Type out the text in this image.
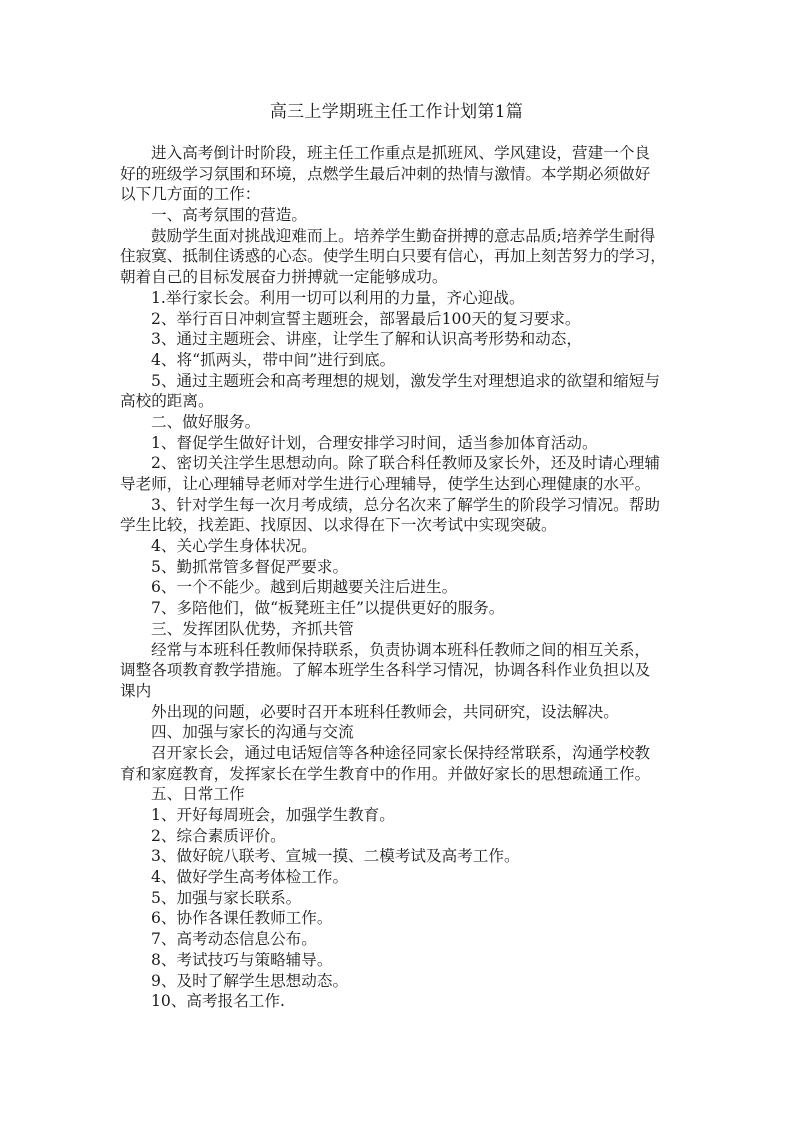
高三上学期班主任工作计划第1篇
进入高考倒计时阶段，班主任工作重点是抓班风、学风建设，营建一个良
好的班级学习氛围和环境，点燃学生最后冲刺的热情与激情。本学期必须做好
以下几方面的工作：
一、高考氛围的营造。
鼓励学生面对挑战迎难而上。培养学生勤奋拼搏的意志品质;培养学生耐得
住寂寞、抵制住诱惑的心态。使学生明白只要有信心，再加上刻苦努力的学习，
朝着自己的目标发展奋力拼搏就一定能够成功。
1.举行家长会。利用一切可以利用的力量，齐心迎战。
2、举行百日冲刺宣誓主题班会，部署最后100天的复习要求。
3、通过主题班会、讲座，让学生了解和认识高考形势和动态，
4、将“抓两头，带中间”进行到底。
5、通过主题班会和高考理想的规划，激发学生对理想追求的欲望和缩短与
高校的距离。
二、做好服务。
1、督促学生做好计划，合理安排学习时间，适当参加体育活动。
2、密切关注学生思想动向。除了联合科任教师及家长外，还及时请心理辅
导老师，让心理辅导老师对学生进行心理辅导，使学生达到心理健康的水平。
3、针对学生每一次月考成绩，总分名次来了解学生的阶段学习情况。帮助
学生比较，找差距、找原因、以求得在下一次考试中实现突破。
4、关心学生身体状况。
5、勤抓常管多督促严要求。
6、一个不能少。越到后期越要关注后进生。
7、多陪他们，做“板凳班主任”以提供更好的服务。
三、发挥团队优势，齐抓共管
经常与本班科任教师保持联系，负责协调本班科任教师之间的相互关系，
调整各项教育教学措施。了解本班学生各科学习情况，协调各科作业负担以及
课内
外出现的问题，必要时召开本班科任教师会，共同研究，设法解决。
四、加强与家长的沟通与交流
召开家长会，通过电话短信等各种途径同家长保持经常联系，沟通学校教
育和家庭教育，发挥家长在学生教育中的作用。并做好家长的思想疏通工作。
五、日常工作
1、开好每周班会，加强学生教育。
2、综合素质评价。
3、做好皖八联考、宣城一摸、二模考试及高考工作。
4、做好学生高考体检工作。
5、加强与家长联系。
6、协作各课任教师工作。
7、高考动态信息公布。
8、考试技巧与策略辅导。
9、及时了解学生思想动态。
10、高考报名工作.
